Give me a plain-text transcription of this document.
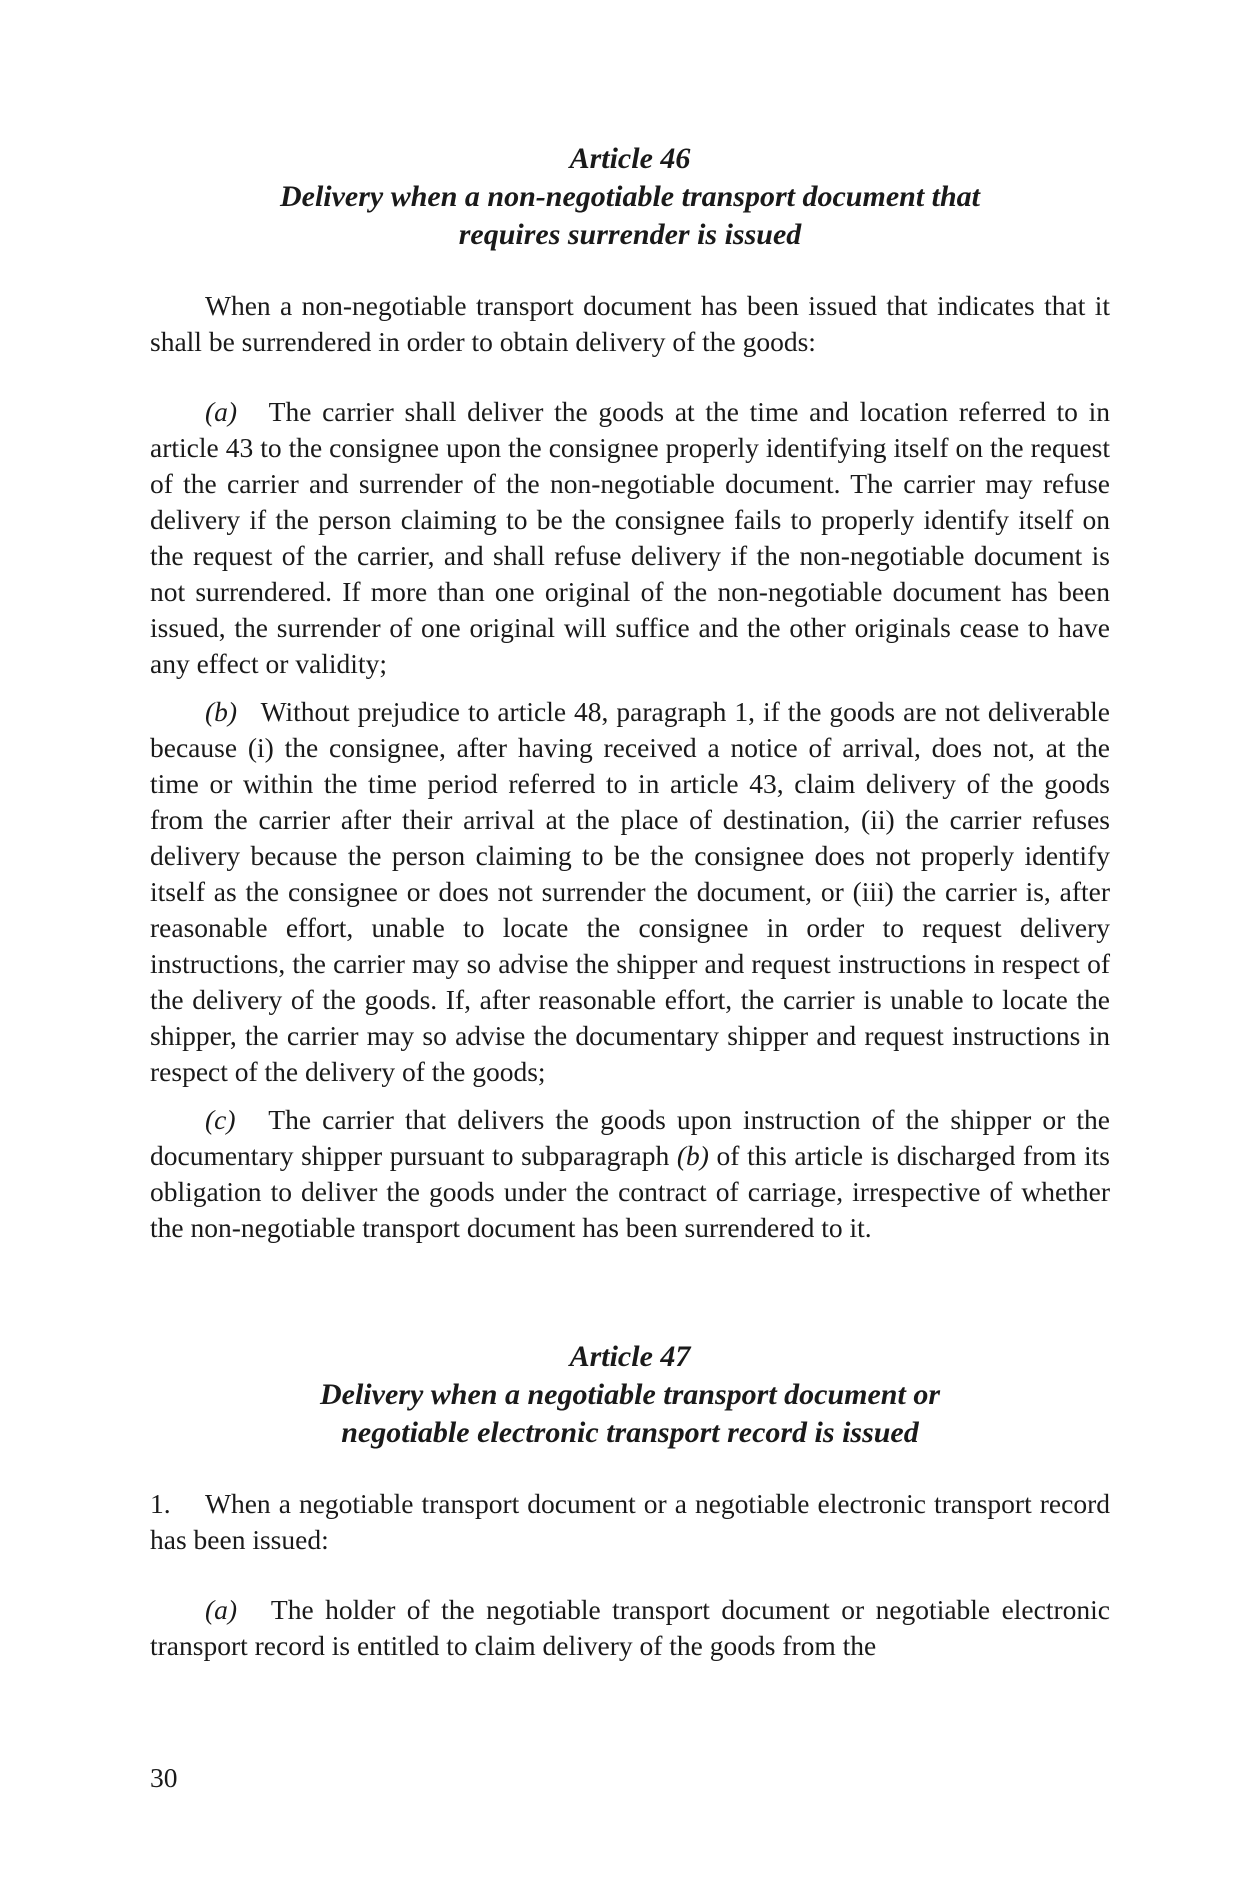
Article 46
Delivery when a non-negotiable transport document that
requires surrender is issued

When a non-negotiable transport document has been issued that indicates that it shall be surrendered in order to obtain delivery of the goods:

(a) The carrier shall deliver the goods at the time and location referred to in article 43 to the consignee upon the consignee properly identifying itself on the request of the carrier and surrender of the non-negotiable document. The carrier may refuse delivery if the person claiming to be the consignee fails to properly identify itself on the request of the carrier, and shall refuse delivery if the non-negotiable document is not surrendered. If more than one original of the non-negotiable document has been issued, the surrender of one original will suffice and the other originals cease to have any effect or validity;

(b) Without prejudice to article 48, paragraph 1, if the goods are not deliverable because (i) the consignee, after having received a notice of arrival, does not, at the time or within the time period referred to in article 43, claim delivery of the goods from the carrier after their arrival at the place of destination, (ii) the carrier refuses delivery because the person claiming to be the consignee does not properly identify itself as the consignee or does not surrender the document, or (iii) the carrier is, after reasonable effort, unable to locate the consignee in order to request delivery instructions, the carrier may so advise the shipper and request instructions in respect of the delivery of the goods. If, after reasonable effort, the carrier is unable to locate the shipper, the carrier may so advise the documentary shipper and request instructions in respect of the delivery of the goods;

(c) The carrier that delivers the goods upon instruction of the shipper or the documentary shipper pursuant to subparagraph (b) of this article is discharged from its obligation to deliver the goods under the contract of carriage, irrespective of whether the non-negotiable transport document has been surrendered to it.

Article 47
Delivery when a negotiable transport document or
negotiable electronic transport record is issued

1. When a negotiable transport document or a negotiable electronic transport record has been issued:

(a) The holder of the negotiable transport document or negotiable electronic transport record is entitled to claim delivery of the goods from the

30
